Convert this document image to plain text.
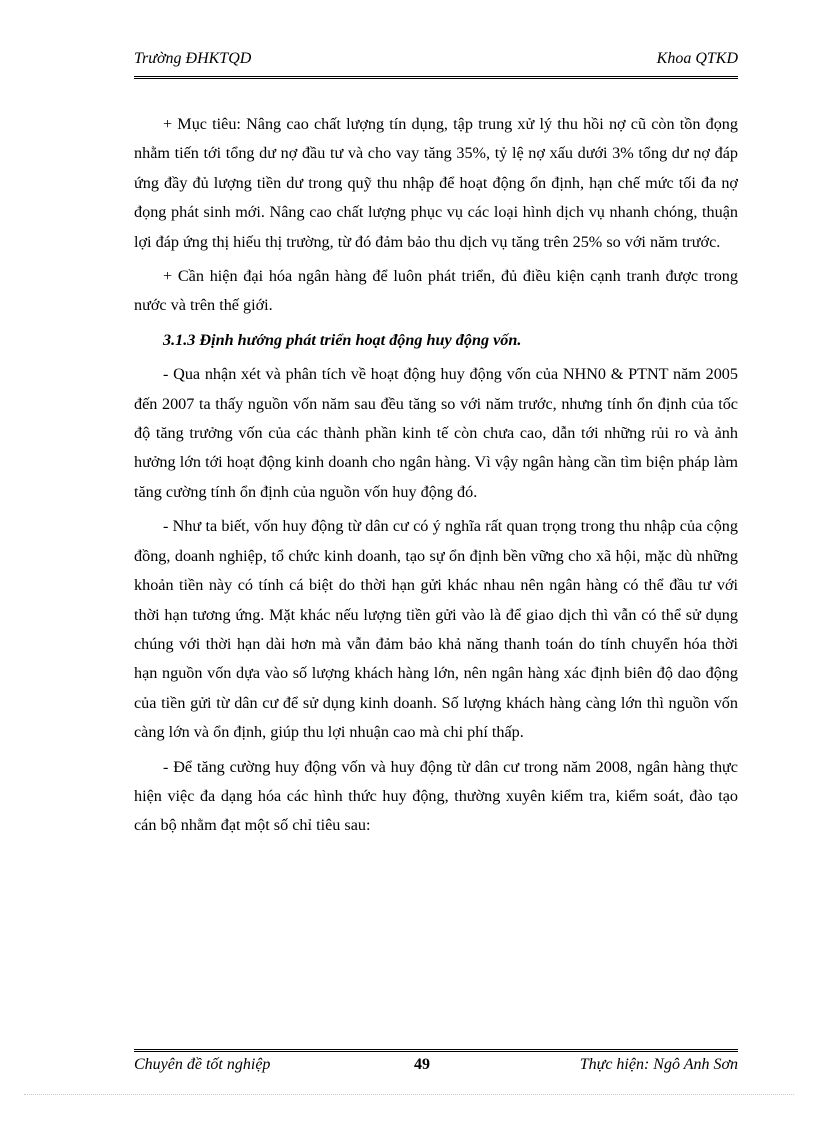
Trường ĐHKTQD	Khoa QTKD

+ Mục tiêu: Nâng cao chất lượng tín dụng, tập trung xử lý thu hồi nợ cũ còn tồn đọng nhằm tiến tới tổng dư nợ đầu tư và cho vay tăng 35%, tỷ lệ nợ xấu dưới 3% tổng dư nợ đáp ứng đầy đủ lượng tiền dư trong quỹ thu nhập để hoạt động ổn định, hạn chế mức tối đa nợ đọng phát sinh mới. Nâng cao chất lượng phục vụ các loại hình dịch vụ nhanh chóng, thuận lợi đáp ứng thị hiếu thị trường, từ đó đảm bảo thu dịch vụ tăng trên 25% so với năm trước.

+ Cần hiện đại hóa ngân hàng để luôn phát triển, đủ điều kiện cạnh tranh được trong nước và trên thế giới.

3.1.3 Định hướng phát triển hoạt động huy động vốn.

- Qua nhận xét và phân tích về hoạt động huy động vốn của NHN0 & PTNT năm 2005 đến 2007 ta thấy nguồn vốn năm sau đều tăng so với năm trước, nhưng tính ổn định của tốc độ tăng trưởng vốn của các thành phần kinh tế còn chưa cao, dẫn tới những rủi ro và ảnh hưởng lớn tới hoạt động kinh doanh cho ngân hàng. Vì vậy ngân hàng cần tìm biện pháp làm tăng cường tính ổn định của nguồn vốn huy động đó.

- Như ta biết, vốn huy động từ dân cư có ý nghĩa rất quan trọng trong thu nhập của cộng đồng, doanh nghiệp, tổ chức kinh doanh, tạo sự ổn định bền vững cho xã hội, mặc dù những khoản tiền này có tính cá biệt do thời hạn gửi khác nhau nên ngân hàng có thể đầu tư với thời hạn tương ứng. Mặt khác nếu lượng tiền gửi vào là để giao dịch thì vẫn có thể sử dụng chúng với thời hạn dài hơn mà vẫn đảm bảo khả năng thanh toán do tính chuyển hóa thời hạn nguồn vốn dựa vào số lượng khách hàng lớn, nên ngân hàng xác định biên độ dao động của tiền gửi từ dân cư để sử dụng kinh doanh. Số lượng khách hàng càng lớn thì nguồn vốn càng lớn và ổn định, giúp thu lợi nhuận cao mà chi phí thấp.

- Để tăng cường huy động vốn và huy động từ dân cư trong năm 2008, ngân hàng thực hiện việc đa dạng hóa các hình thức huy động, thường xuyên kiểm tra, kiểm soát, đào tạo cán bộ nhằm đạt một số chỉ tiêu sau:

Chuyên đề tốt nghiệp	49	Thực hiện: Ngô Anh Sơn
